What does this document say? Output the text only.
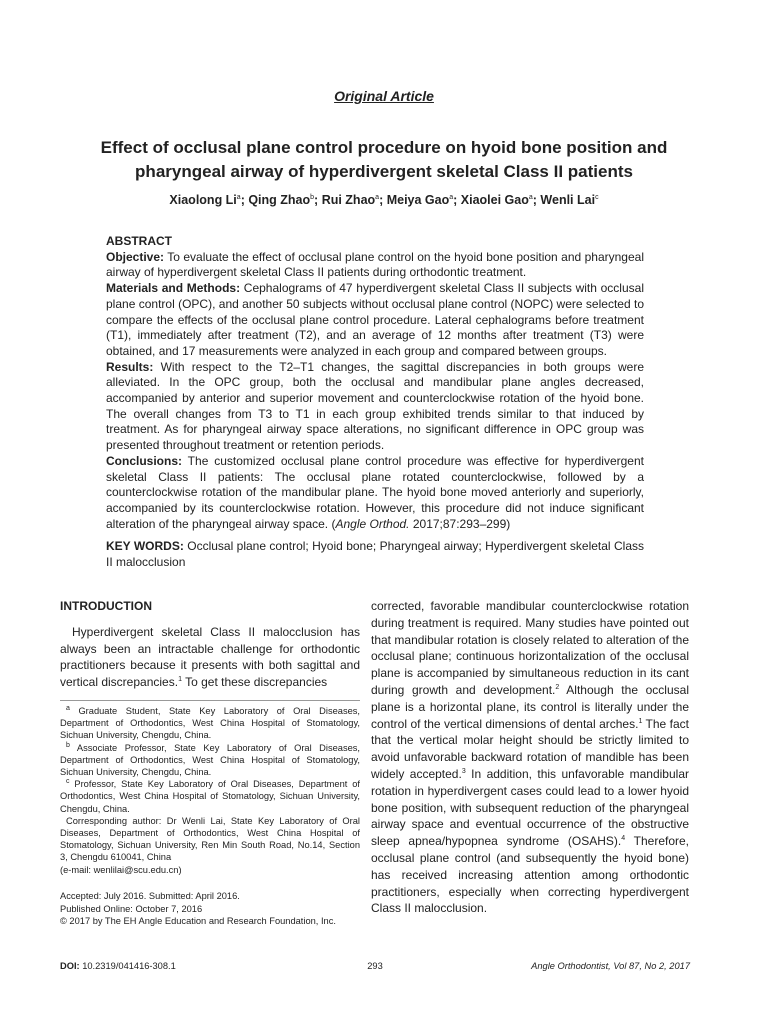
Original Article
Effect of occlusal plane control procedure on hyoid bone position and
pharyngeal airway of hyperdivergent skeletal Class II patients
Xiaolong Li$^a$; Qing Zhao$^b$; Rui Zhao$^a$; Meiya Gao$^a$; Xiaolei Gao$^a$; Wenli Lai$^c$

ABSTRACT

Objective: To evaluate the effect of occlusal plane control on the hyoid bone position and pharyngeal airway of hyperdivergent skeletal Class II patients during orthodontic treatment.

Materials and Methods: Cephalograms of 47 hyperdivergent skeletal Class II subjects with occlusal plane control (OPC), and another 50 subjects without occlusal plane control (NOPC) were selected to compare the effects of the occlusal plane control procedure. Lateral cephalograms before treatment (T1), immediately after treatment (T2), and an average of 12 months after treatment (T3) were obtained, and 17 measurements were analyzed in each group and compared between groups.

Results: With respect to the T2–T1 changes, the sagittal discrepancies in both groups were alleviated. In the OPC group, both the occlusal and mandibular plane angles decreased, accompanied by anterior and superior movement and counterclockwise rotation of the hyoid bone. The overall changes from T3 to T1 in each group exhibited trends similar to that induced by treatment. As for pharyngeal airway space alterations, no significant difference in OPC group was presented throughout treatment or retention periods.

Conclusions: The customized occlusal plane control procedure was effective for hyperdivergent skeletal Class II patients: The occlusal plane rotated counterclockwise, followed by a counterclockwise rotation of the mandibular plane. The hyoid bone moved anteriorly and superiorly, accompanied by its counterclockwise rotation. However, this procedure did not induce significant alteration of the pharyngeal airway space. (Angle Orthod. 2017;87:293–299)

KEY WORDS: Occlusal plane control; Hyoid bone; Pharyngeal airway; Hyperdivergent skeletal Class II malocclusion

INTRODUCTION

Hyperdivergent skeletal Class II malocclusion has always been an intractable challenge for orthodontic practitioners because it presents with both sagittal and vertical discrepancies.$^1$ To get these discrepancies

$^a$ Graduate Student, State Key Laboratory of Oral Diseases, Department of Orthodontics, West China Hospital of Stomatology, Sichuan University, Chengdu, China.

$^b$ Associate Professor, State Key Laboratory of Oral Diseases, Department of Orthodontics, West China Hospital of Stomatology, Sichuan University, Chengdu, China.

$^c$ Professor, State Key Laboratory of Oral Diseases, Department of Orthodontics, West China Hospital of Stomatology, Sichuan University, Chengdu, China.

Corresponding author: Dr Wenli Lai, State Key Laboratory of Oral Diseases, Department of Orthodontics, West China Hospital of Stomatology, Sichuan University, Ren Min South Road, No.14, Section 3, Chengdu 610041, China

(e-mail: wenlilai@scu.edu.cn)

Accepted: July 2016. Submitted: April 2016.

Published Online: October 7, 2016

© 2017 by The EH Angle Education and Research Foundation, Inc.

corrected, favorable mandibular counterclockwise rotation during treatment is required. Many studies have pointed out that mandibular rotation is closely related to alteration of the occlusal plane; continuous horizontalization of the occlusal plane is accompanied by simultaneous reduction in its cant during growth and development.$^2$ Although the occlusal plane is a horizontal plane, its control is literally under the control of the vertical dimensions of dental arches.$^1$ The fact that the vertical molar height should be strictly limited to avoid unfavorable backward rotation of mandible has been widely accepted.$^3$ In addition, this unfavorable mandibular rotation in hyperdivergent cases could lead to a lower hyoid bone position, with subsequent reduction of the pharyngeal airway space and eventual occurrence of the obstructive sleep apnea/hypopnea syndrome (OSAHS).$^4$ Therefore, occlusal plane control (and subsequently the hyoid bone) has received increasing attention among orthodontic practitioners, especially when correcting hyperdivergent Class II malocclusion.

DOI: 10.2319/041416-308.1	293	Angle Orthodontist, Vol 87, No 2, 2017
